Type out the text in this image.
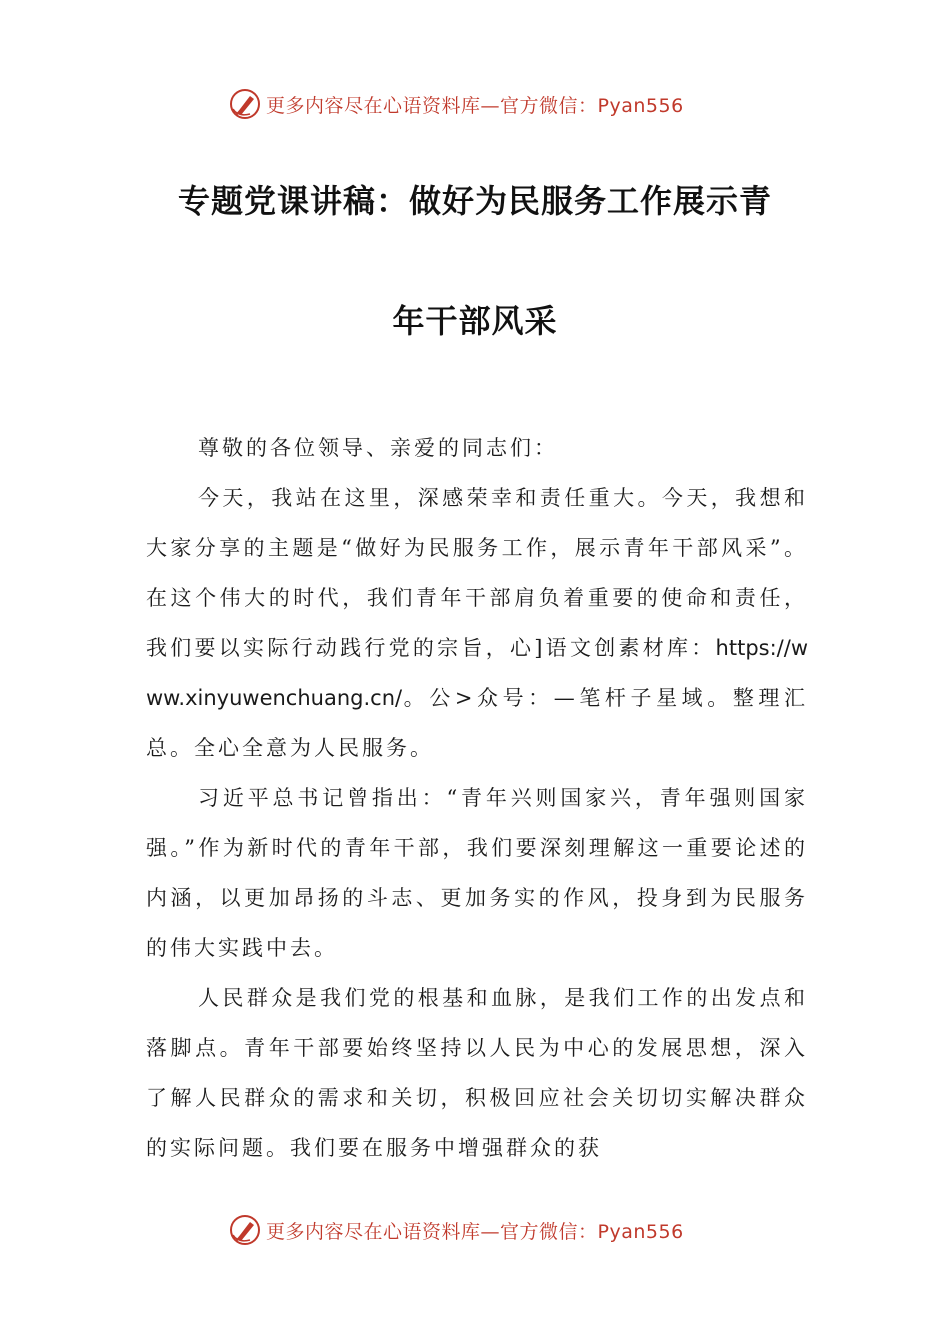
更多内容尽在心语资料库—官方微信：Pyan556
专题党课讲稿：做好为民服务工作展示青
年干部风采

尊敬的各位领导、亲爱的同志们：

今天，我站在这里，深感荣幸和责任重大。今天，我想和大家分享的主题是“做好为民服务工作，展示青年干部风采”。在这个伟大的时代，我们青年干部肩负着重要的使命和责任，我们要以实际行动践行党的宗旨，心]语文创素材库：https://www.xinyuwenchuang.cn/。公>众号：—笔杆子星域。整理汇总。全心全意为人民服务。

习近平总书记曾指出：“青年兴则国家兴，青年强则国家强。”作为新时代的青年干部，我们要深刻理解这一重要论述的内涵，以更加昂扬的斗志、更加务实的作风，投身到为民服务的伟大实践中去。

人民群众是我们党的根基和血脉，是我们工作的出发点和落脚点。青年干部要始终坚持以人民为中心的发展思想，深入了解人民群众的需求和关切，积极回应社会关切切实解决群众的实际问题。我们要在服务中增强群众的获

更多内容尽在心语资料库—官方微信：Pyan556
